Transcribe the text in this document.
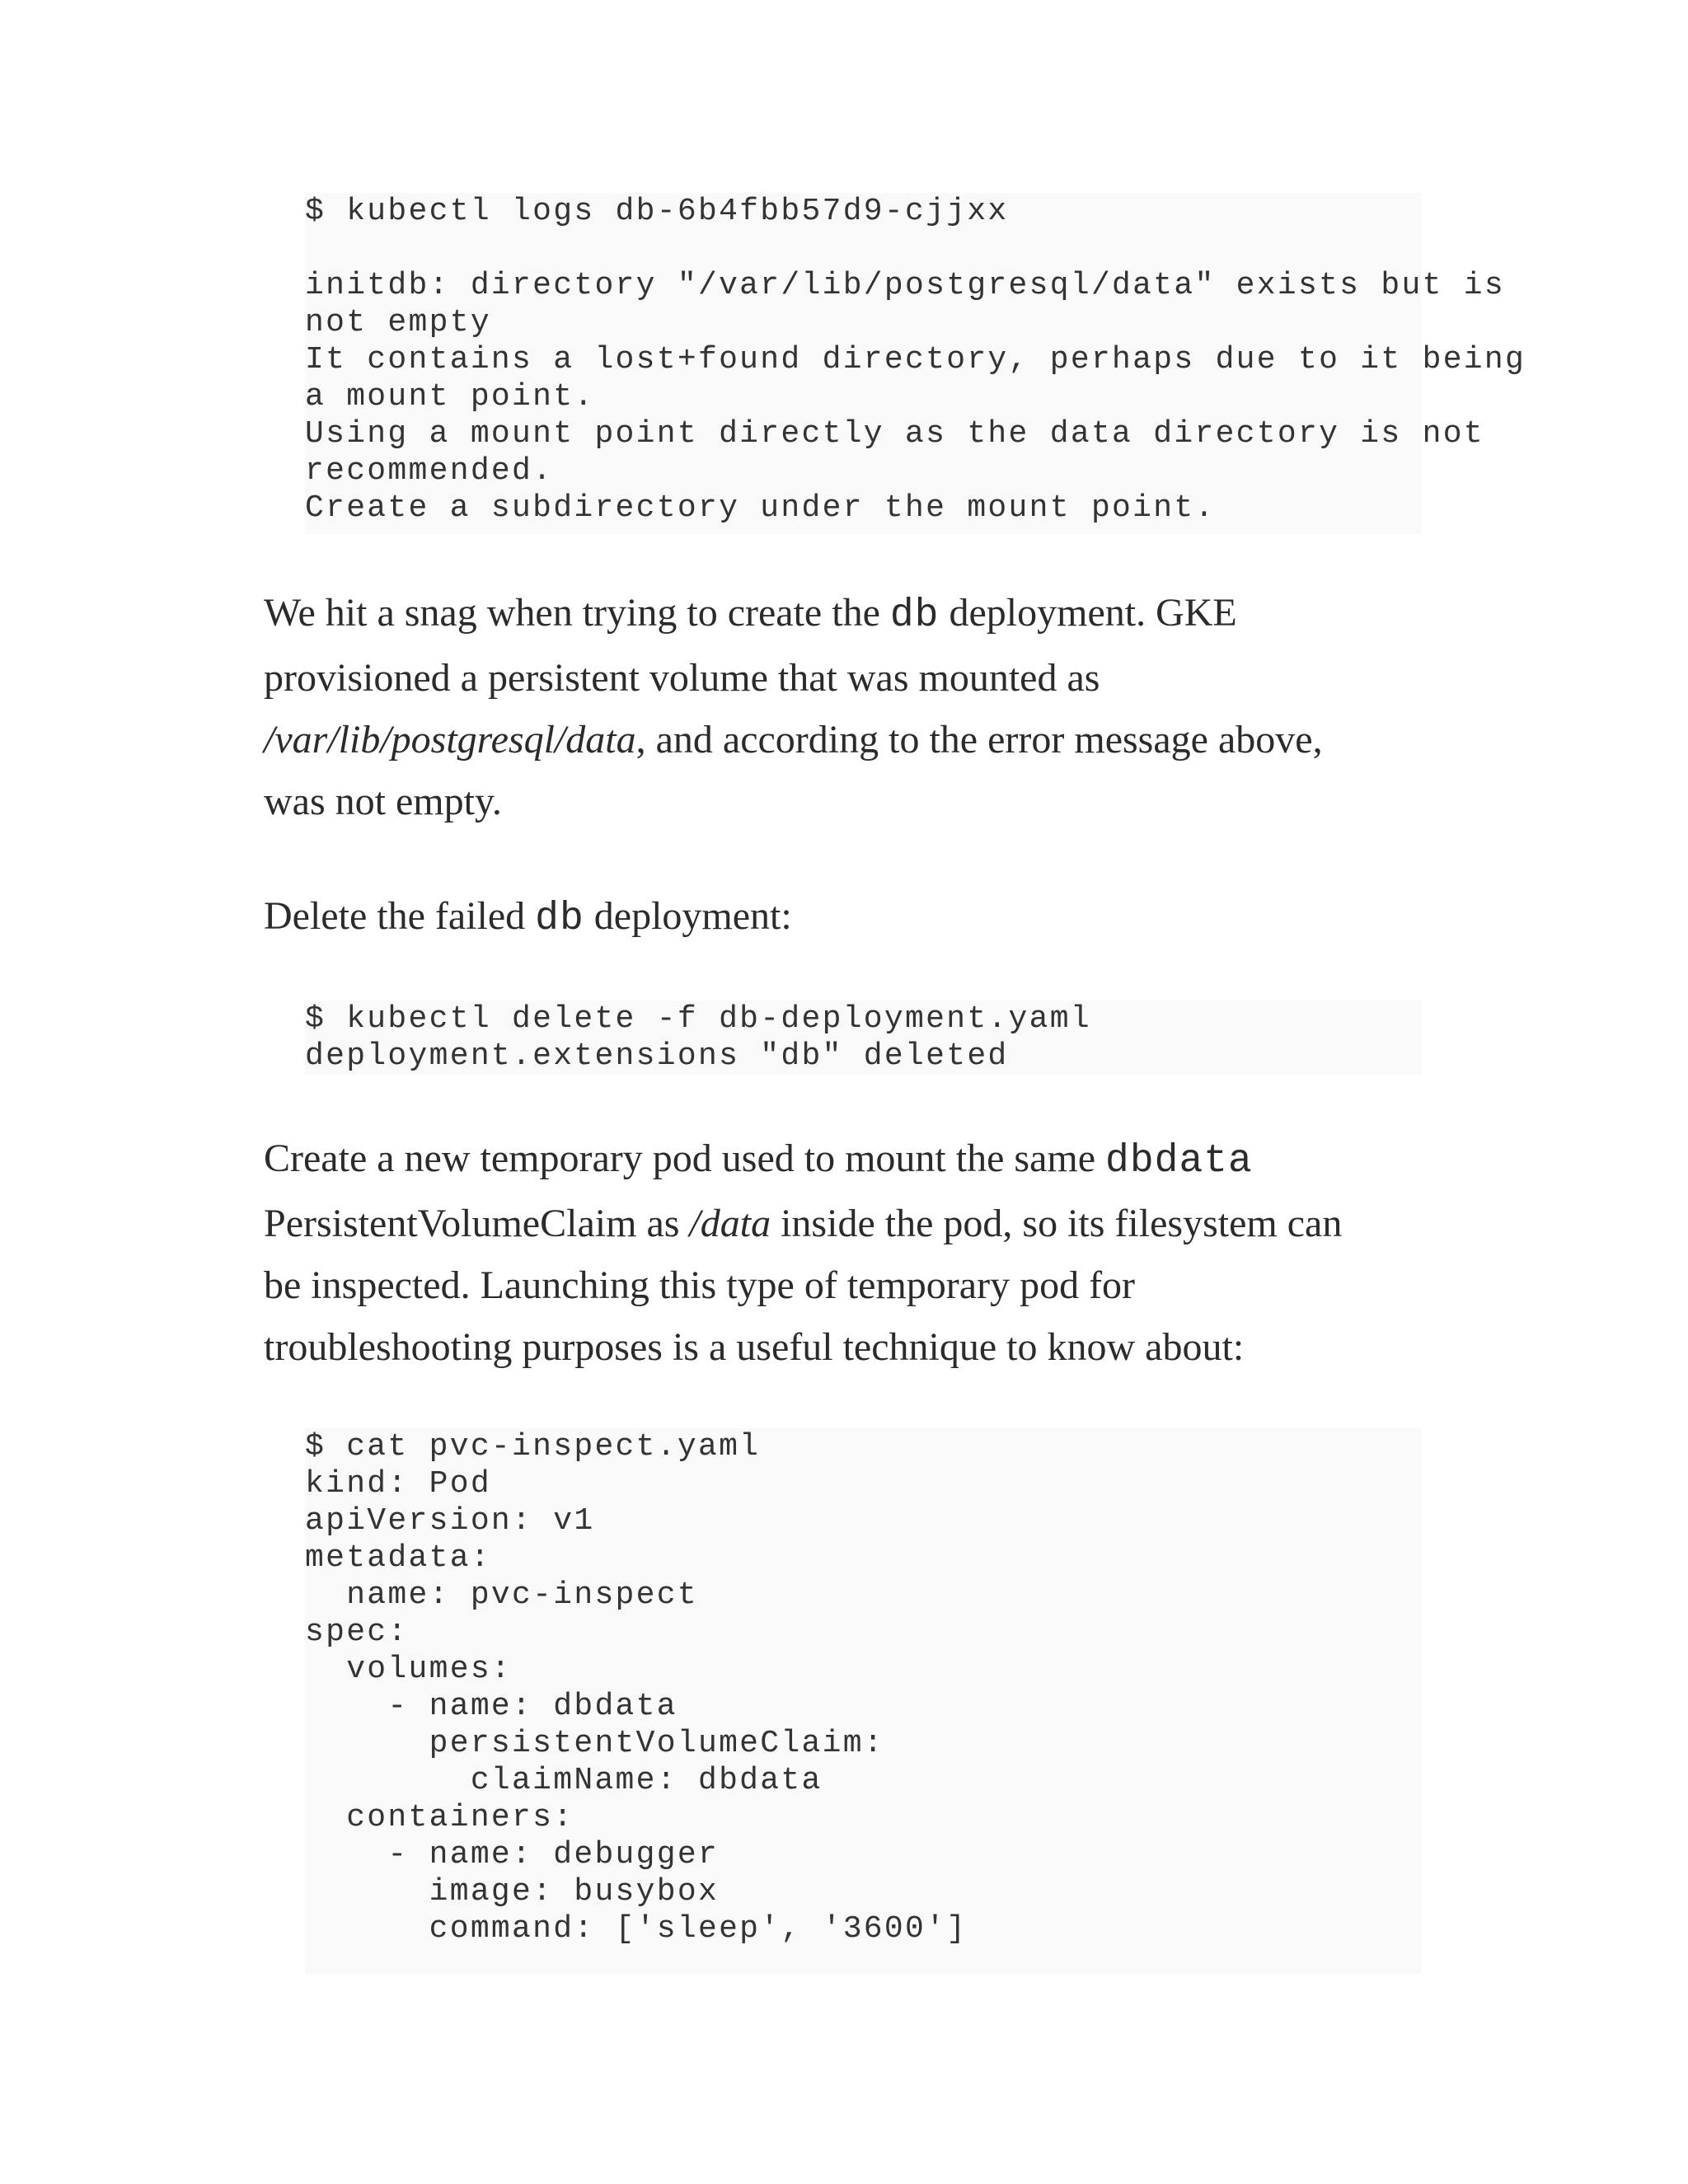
$ kubectl logs db-6b4fbb57d9-cjjxx
initdb: directory "/var/lib/postgresql/data" exists but is
not empty
It contains a lost+found directory, perhaps due to it being
a mount point.
Using a mount point directly as the data directory is not
recommended.
Create a subdirectory under the mount point.

We hit a snag when trying to create the db deployment. GKE
provisioned a persistent volume that was mounted as
/var/lib/postgresql/data, and according to the error message above,
was not empty.

Delete the failed db deployment:

$ kubectl delete -f db-deployment.yaml
deployment.extensions "db" deleted

Create a new temporary pod used to mount the same dbdata
PersistentVolumeClaim as /data inside the pod, so its filesystem can
be inspected. Launching this type of temporary pod for
troubleshooting purposes is a useful technique to know about:

$ cat pvc-inspect.yaml
kind: Pod
apiVersion: v1
metadata:
name: pvc-inspect
spec:
volumes:
- name: dbdata
persistentVolumeClaim:
claimName: dbdata
containers:
- name: debugger
image: busybox
command: ['sleep', '3600']
